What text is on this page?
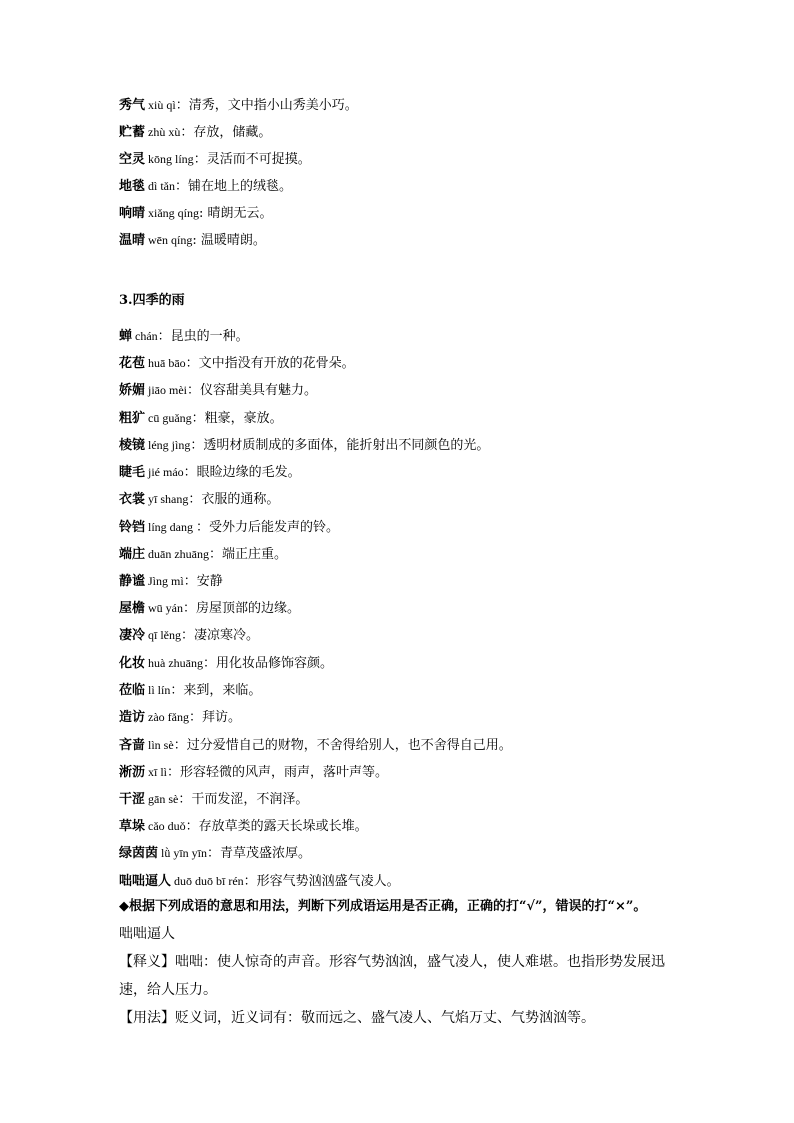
秀气 xiù qì：清秀，文中指小山秀美小巧。
贮蓄 zhù xù：存放，储藏。
空灵 kōng líng：灵活而不可捉摸。
地毯 dì tǎn：铺在地上的绒毯。
响晴 xiǎng qíng: 晴朗无云。
温晴 wēn qíng: 温暖晴朗。
3.四季的雨
蝉 chán：昆虫的一种。
花苞 huā bāo：文中指没有开放的花骨朵。
娇媚 jiāo mèi：仪容甜美具有魅力。
粗犷 cū guǎng：粗豪，豪放。
棱镜 léng jìng：透明材质制成的多面体，能折射出不同颜色的光。
睫毛 jié máo：眼睑边缘的毛发。
衣裳 yī shang：衣服的通称。
铃铛 líng dang ：受外力后能发声的铃。
端庄 duān zhuāng：端正庄重。
静谧 Jìng mì：安静
屋檐 wū yán：房屋顶部的边缘。
凄冷 qī lěng：凄凉寒冷。
化妆 huà zhuāng：用化妆品修饰容颜。
莅临 lì lín：来到，来临。
造访 zào fǎng：拜访。
吝啬 lìn sè：过分爱惜自己的财物，不舍得给别人，也不舍得自己用。
淅沥 xī lì：形容轻微的风声，雨声，落叶声等。
干涩 gān sè：干而发涩，不润泽。
草垛 cǎo duǒ：存放草类的露天长垛或长堆。
绿茵茵 lǜ yīn yīn：青草茂盛浓厚。
咄咄逼人 duō duō bī rén：形容气势汹汹盛气凌人。
◆根据下列成语的意思和用法，判断下列成语运用是否正确，正确的打“√”，错误的打“×”。
咄咄逼人
【释义】咄咄：使人惊奇的声音。形容气势汹汹，盛气凌人，使人难堪。也指形势发展迅速，给人压力。
【用法】贬义词，近义词有：敬而远之、盛气凌人、气焰万丈、气势汹汹等。
